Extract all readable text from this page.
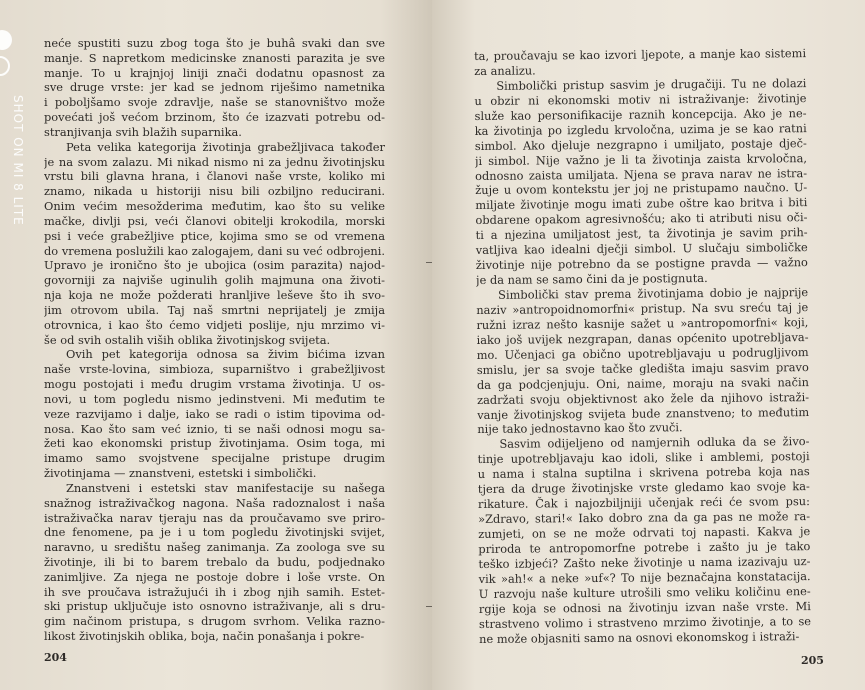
neće spustiti suzu zbog toga što je buhâ svaki dan sve
manje. S napretkom medicinske znanosti parazita je sve
manje. To u krajnjoj liniji znači dodatnu opasnost za
sve druge vrste: jer kad se jednom riješimo nametnika
i poboljšamo svoje zdravlje, naše se stanovništvo može
povećati još većom brzinom, što će izazvati potrebu od-
stranjivanja svih blažih suparnika.
Peta velika kategorija životinja grabežljivaca također
je na svom zalazu. Mi nikad nismo ni za jednu životinjsku
vrstu bili glavna hrana, i članovi naše vrste, koliko mi
znamo, nikada u historiji nisu bili ozbiljno reducirani.
Onim većim mesožderima međutim, kao što su velike
mačke, divlji psi, veći članovi obitelji krokodila, morski
psi i veće grabežljive ptice, kojima smo se od vremena
do vremena poslužili kao zalogajem, dani su već odbrojeni.
Upravo je ironično što je ubojica (osim parazita) najod-
govorniji za najviše uginulih golih majmuna ona životi-
nja koja ne može požderati hranljive leševe što ih svo-
jim otrovom ubila. Taj naš smrtni neprijatelj je zmija
otrovnica, i kao što ćemo vidjeti poslije, nju mrzimo vi-
še od svih ostalih viših oblika životinjskog svijeta.
Ovih pet kategorija odnosa sa živim bićima izvan
naše vrste-lovina, simbioza, suparništvo i grabežljivost
mogu postojati i među drugim vrstama životinja. U os-
novi, u tom pogledu nismo jedinstveni. Mi međutim te
veze razvijamo i dalje, iako se radi o istim tipovima od-
nosa. Kao što sam već iznio, ti se naši odnosi mogu sa-
žeti kao ekonomski pristup životinjama. Osim toga, mi
imamo samo svojstvene specijalne pristupe drugim
životinjama — znanstveni, estetski i simbolički.
Znanstveni i estetski stav manifestacije su našega
snažnog istraživačkog nagona. Naša radoznalost i naša
istraživačka narav tjeraju nas da proučavamo sve priro-
dne fenomene, pa je i u tom pogledu životinjski svijet,
naravno, u središtu našeg zanimanja. Za zoologa sve su
životinje, ili bi to barem trebalo da budu, podjednako
zanimljive. Za njega ne postoje dobre i loše vrste. On
ih sve proučava istražujući ih i zbog njih samih. Estet-
ski pristup uključuje isto osnovno istraživanje, ali s dru-
gim načinom pristupa, s drugom svrhom. Velika razno-
likost životinjskih oblika, boja, način ponašanja i pokre-
ta, proučavaju se kao izvori ljepote, a manje kao sistemi
za analizu.
Simbolički pristup sasvim je drugačiji. Tu ne dolazi
u obzir ni ekonomski motiv ni istraživanje: životinje
služe kao personifikacije raznih koncepcija. Ako je ne-
ka životinja po izgledu krvoločna, uzima je se kao ratni
simbol. Ako djeluje nezgrapno i umiljato, postaje dječ-
ji simbol. Nije važno je li ta životinja zaista krvoločna,
odnosno zaista umiljata. Njena se prava narav ne istra-
žuje u ovom kontekstu jer joj ne pristupamo naučno. U-
miljate životinje mogu imati zube oštre kao britva i biti
obdarene opakom agresivnošću; ako ti atributi nisu oči-
ti a njezina umiljatost jest, ta životinja je savim prih-
vatljiva kao idealni dječji simbol. U slučaju simboličke
životinje nije potrebno da se postigne pravda — važno
je da nam se samo čini da je postignuta.
Simbolički stav prema životinjama dobio je najprije
naziv »antropoidnomorfni« pristup. Na svu sreću taj je
ružni izraz nešto kasnije sažet u »antropomorfni« koji,
iako još uvijek nezgrapan, danas općenito upotrebljava-
mo. Učenjaci ga obično upotrebljavaju u podrugljivom
smislu, jer sa svoje tačke gledišta imaju sasvim pravo
da ga podcjenjuju. Oni, naime, moraju na svaki način
zadržati svoju objektivnost ako žele da njihovo istraži-
vanje životinjskog svijeta bude znanstveno; to međutim
nije tako jednostavno kao što zvuči.
Sasvim odijeljeno od namjernih odluka da se živo-
tinje upotrebljavaju kao idoli, slike i amblemi, postoji
u nama i stalna suptilna i skrivena potreba koja nas
tjera da druge životinjske vrste gledamo kao svoje ka-
rikature. Čak i najozbiljniji učenjak reći će svom psu:
»Zdravo, stari!« Iako dobro zna da ga pas ne može ra-
zumjeti, on se ne može odrvati toj napasti. Kakva je
priroda te antropomorfne potrebe i zašto ju je tako
teško izbjeći? Zašto neke životinje u nama izazivaju uz-
vik »ah!« a neke »uf«? To nije beznačajna konstatacija.
U razvoju naše kulture utrošili smo veliku količinu ene-
rgije koja se odnosi na životinju izvan naše vrste. Mi
strastveno volimo i strastveno mrzimo životinje, a to se
ne može objasniti samo na osnovi ekonomskog i istraži-
204	205
SHOT ON MI 8 LITE
